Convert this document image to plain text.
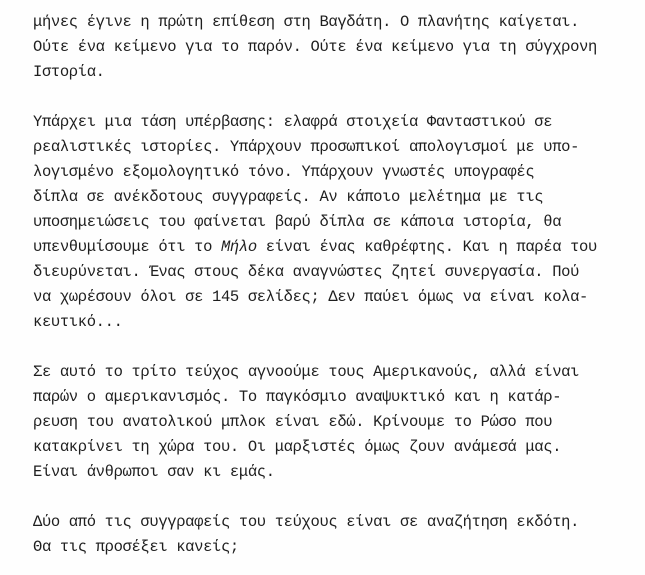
μήνες έγινε η πρώτη επίθεση στη Βαγδάτη. Ο πλανήτης καίγεται.
Ούτε ένα κείμενο για το παρόν. Ούτε ένα κείμενο για τη σύγχρονη
Ιστορία.
Υπάρχει μια τάση υπέρβασης: ελαφρά στοιχεία Φανταστικού σε
ρεαλιστικές ιστορίες. Υπάρχουν προσωπικοί απολογισμοί με υπο-
λογισμένο εξομολογητικό τόνο. Υπάρχουν γνωστές υπογραφές
δίπλα σε ανέκδοτους συγγραφείς. Αν κάποιο μελέτημα με τις
υποσημειώσεις του φαίνεται βαρύ δίπλα σε κάποια ιστορία, θα
υπενθυμίσουμε ότι το Μήλο είναι ένας καθρέφτης. Και η παρέα του
διευρύνεται. Ένας στους δέκα αναγνώστες ζητεί συνεργασία. Πού
να χωρέσουν όλοι σε 145 σελίδες; Δεν παύει όμως να είναι κολα-
κευτικό...
Σε αυτό το τρίτο τεύχος αγνοούμε τους Αμερικανούς, αλλά είναι
παρών ο αμερικανισμός. Το παγκόσμιο αναψυκτικό και η κατάρ-
ρευση του ανατολικού μπλοκ είναι εδώ. Κρίνουμε το Ρώσο που
κατακρίνει τη χώρα του. Οι μαρξιστές όμως ζουν ανάμεσά μας.
Είναι άνθρωποι σαν κι εμάς.
Δύο από τις συγγραφείς του τεύχους είναι σε αναζήτηση εκδότη.
Θα τις προσέξει κανείς;
